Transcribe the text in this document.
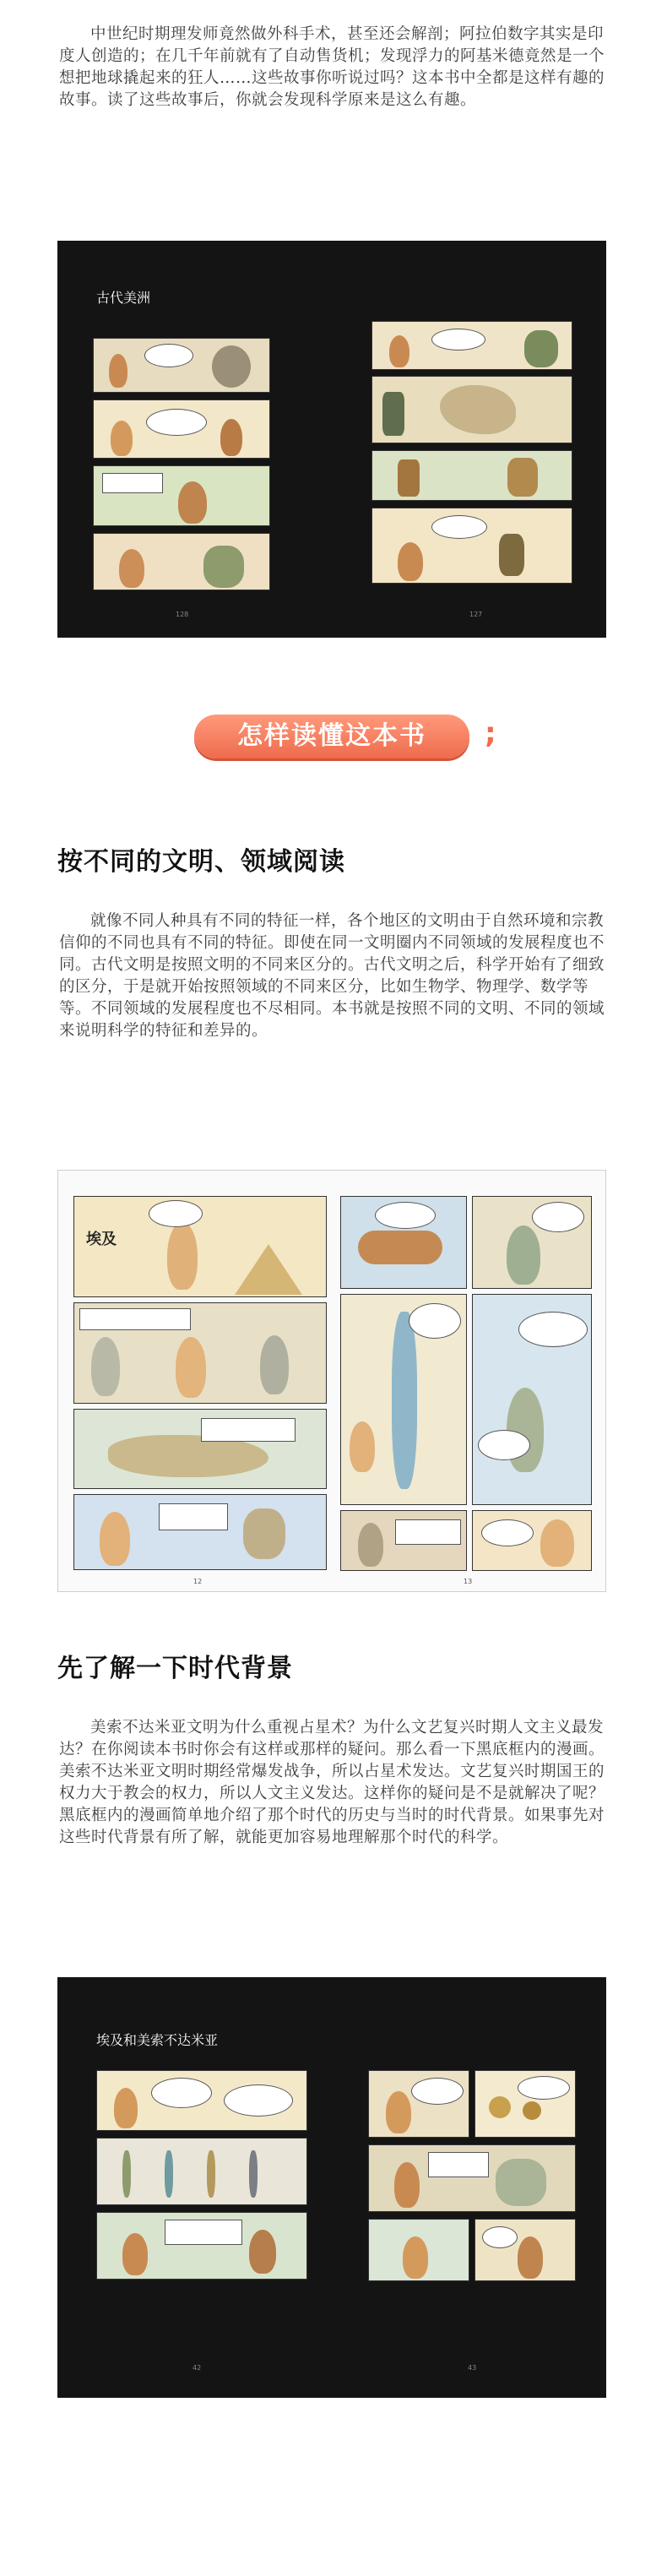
中世纪时期理发师竟然做外科手术，甚至还会解剖；阿拉伯数字其实是印度人创造的；在几千年前就有了自动售货机；发现浮力的阿基米德竟然是一个想把地球撬起来的狂人……这些故事你听说过吗？这本书中全都是这样有趣的故事。读了这些故事后，你就会发现科学原来是这么有趣。

古代美洲
128	127
怎样读懂这本书	;
按不同的文明、领域阅读

就像不同人种具有不同的特征一样，各个地区的文明由于自然环境和宗教信仰的不同也具有不同的特征。即使在同一文明圈内不同领域的发展程度也不同。古代文明是按照文明的不同来区分的。古代文明之后，科学开始有了细致的区分，于是就开始按照领域的不同来区分，比如生物学、物理学、数学等等。不同领域的发展程度也不尽相同。本书就是按照不同的文明、不同的领域来说明科学的特征和差异的。

埃及
12	13
先了解一下时代背景

美索不达米亚文明为什么重视占星术？为什么文艺复兴时期人文主义最发达？在你阅读本书时你会有这样或那样的疑问。那么看一下黑底框内的漫画。美索不达米亚文明时期经常爆发战争，所以占星术发达。文艺复兴时期国王的权力大于教会的权力，所以人文主义发达。这样你的疑问是不是就解决了呢？黑底框内的漫画简单地介绍了那个时代的历史与当时的时代背景。如果事先对这些时代背景有所了解，就能更加容易地理解那个时代的科学。

埃及和美索不达米亚
42	43
